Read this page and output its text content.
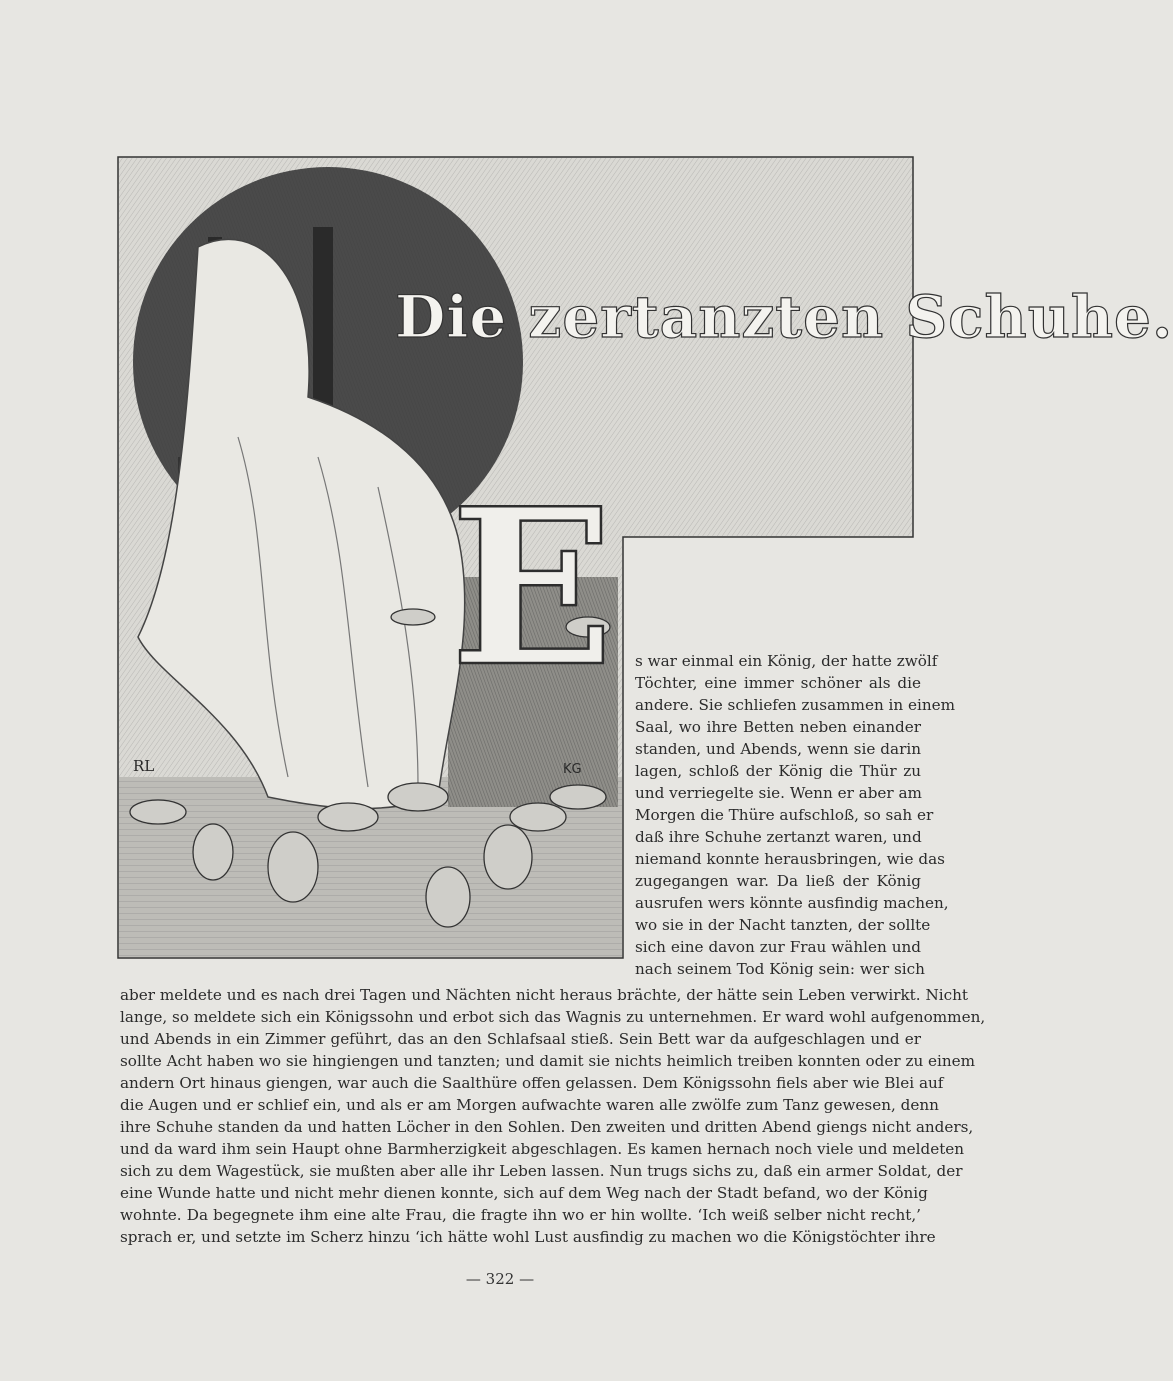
Die zertanzten Schuhe.
E
RL	KG
s war einmal ein König, der hatte zwölf
Töchter, eine immer schöner als die
andere. Sie schliefen zusammen in einem
Saal, wo ihre Betten neben einander
standen, und Abends, wenn sie darin
lagen, schloß der König die Thür zu
und verriegelte sie. Wenn er aber am
Morgen die Thüre aufschloß, so sah er
daß ihre Schuhe zertanzt waren, und
niemand konnte herausbringen, wie das
zugegangen war. Da ließ der König
ausrufen wers könnte ausfindig machen,
wo sie in der Nacht tanzten, der sollte
sich eine davon zur Frau wählen und
nach seinem Tod König sein: wer sich
aber meldete und es nach drei Tagen und Nächten nicht heraus brächte, der hätte sein Leben verwirkt. Nicht
lange, so meldete sich ein Königssohn und erbot sich das Wagnis zu unternehmen. Er ward wohl aufgenommen,
und Abends in ein Zimmer geführt, das an den Schlafsaal stieß. Sein Bett war da aufgeschlagen und er
sollte Acht haben wo sie hingiengen und tanzten; und damit sie nichts heimlich treiben konnten oder zu einem
andern Ort hinaus giengen, war auch die Saalthüre offen gelassen. Dem Königssohn fiels aber wie Blei auf
die Augen und er schlief ein, und als er am Morgen aufwachte waren alle zwölfe zum Tanz gewesen, denn
ihre Schuhe standen da und hatten Löcher in den Sohlen. Den zweiten und dritten Abend giengs nicht anders,
und da ward ihm sein Haupt ohne Barmherzigkeit abgeschlagen. Es kamen hernach noch viele und meldeten
sich zu dem Wagestück, sie mußten aber alle ihr Leben lassen. Nun trugs sichs zu, daß ein armer Soldat, der
eine Wunde hatte und nicht mehr dienen konnte, sich auf dem Weg nach der Stadt befand, wo der König
wohnte. Da begegnete ihm eine alte Frau, die fragte ihn wo er hin wollte. ‘Ich weiß selber nicht recht,’
sprach er, und setzte im Scherz hinzu ‘ich hätte wohl Lust ausfindig zu machen wo die Königstöchter ihre
— 322 —
